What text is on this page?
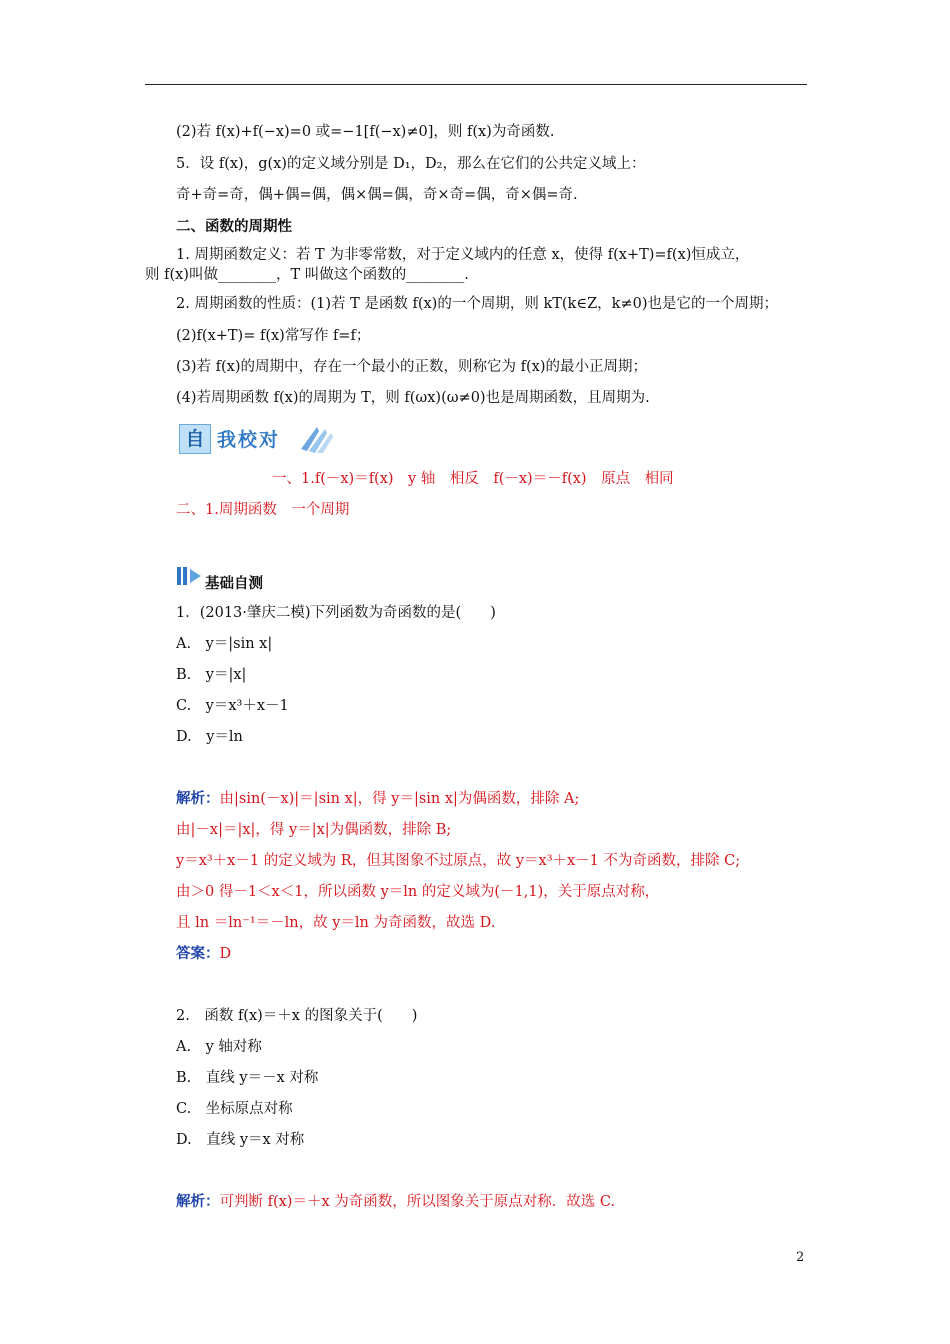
(2)若 f(x)+f(−x)=0 或=−1[f(−x)≠0]，则 f(x)为奇函数.
5．设 f(x)，g(x)的定义域分别是 D₁，D₂，那么在它们的公共定义域上：
奇+奇=奇，偶+偶=偶，偶×偶=偶，奇×奇=偶，奇×偶=奇.
二、函数的周期性
1. 周期函数定义：若 T 为非零常数，对于定义域内的任意 x，使得 f(x+T)=f(x)恒成立，
则 f(x)叫做________，T 叫做这个函数的________.
2. 周期函数的性质：(1)若 T 是函数 f(x)的一个周期，则 kT(k∈Z，k≠0)也是它的一个周期；
(2)f(x+T)= f(x)常写作 f=f；
(3)若 f(x)的周期中，存在一个最小的正数，则称它为 f(x)的最小正周期；
(4)若周期函数 f(x)的周期为 T，则 f(ωx)(ω≠0)也是周期函数，且周期为.
自 我校对
一、1.f(－x)＝f(x)　y 轴　相反　f(－x)＝－f(x)　原点　相同
二、1.周期函数　一个周期
基础自测
1．(2013·肇庆二模)下列函数为奇函数的是(　　)
A.　y＝|sin x|
B.　y＝|x|
C.　y＝x³＋x－1
D.　y＝ln
解析：由|sin(－x)|＝|sin x|，得 y＝|sin x|为偶函数，排除 A;
由|－x|＝|x|，得 y＝|x|为偶函数，排除 B;
y＝x³＋x－1 的定义域为 R，但其图象不过原点，故 y＝x³＋x－1 不为奇函数，排除 C;
由＞0 得－1＜x＜1，所以函数 y＝ln 的定义域为(－1,1)，关于原点对称，
且 ln ＝ln⁻¹＝－ln，故 y＝ln 为奇函数，故选 D.
答案：D
2.　函数 f(x)＝＋x 的图象关于(　　)
A.　y 轴对称
B.　直线 y＝－x 对称
C.　坐标原点对称
D.　直线 y＝x 对称
解析：可判断 f(x)＝＋x 为奇函数，所以图象关于原点对称．故选 C.
2
